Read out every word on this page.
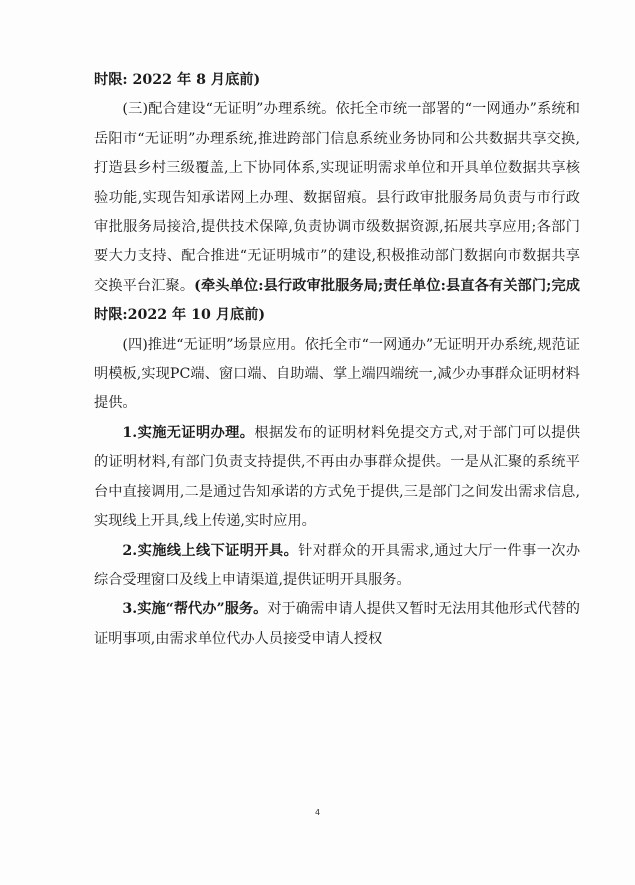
时限: 2022 年 8 月底前)

(三)配合建设“无证明”办理系统。依托全市统一部署的“一网通办”系统和岳阳市“无证明”办理系统,推进跨部门信息系统业务协同和公共数据共享交换,打造县乡村三级覆盖,上下协同体系,实现证明需求单位和开具单位数据共享核验功能,实现告知承诺网上办理、数据留痕。县行政审批服务局负责与市行政审批服务局接洽,提供技术保障,负责协调市级数据资源,拓展共享应用;各部门要大力支持、配合推进“无证明城市”的建设,积极推动部门数据向市数据共享交换平台汇聚。(牵头单位:县行政审批服务局;责任单位:县直各有关部门;完成时限:2022 年 10 月底前)

(四)推进“无证明”场景应用。依托全市“一网通办”无证明开办系统,规范证明模板,实现PC端、窗口端、自助端、掌上端四端统一,减少办事群众证明材料提供。

1.实施无证明办理。根据发布的证明材料免提交方式,对于部门可以提供的证明材料,有部门负责支持提供,不再由办事群众提供。一是从汇聚的系统平台中直接调用,二是通过告知承诺的方式免于提供,三是部门之间发出需求信息,实现线上开具,线上传递,实时应用。

2.实施线上线下证明开具。针对群众的开具需求,通过大厅一件事一次办综合受理窗口及线上申请渠道,提供证明开具服务。

3.实施“帮代办”服务。对于确需申请人提供又暂时无法用其他形式代替的证明事项,由需求单位代办人员接受申请人授权

4
